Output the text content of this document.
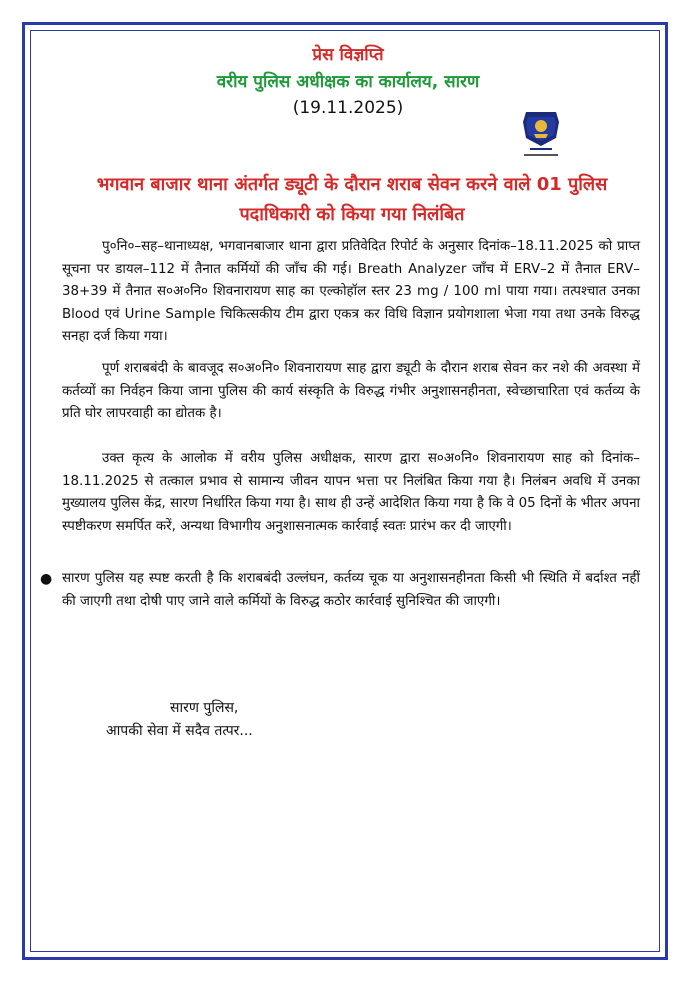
प्रेस विज्ञप्ति
वरीय पुलिस अधीक्षक का कार्यालय, सारण
(19.11.2025)
भगवान बाजार थाना अंतर्गत ड्यूटी के दौरान शराब सेवन करने वाले 01 पुलिस पदाधिकारी को किया गया निलंबित

पु०नि०–सह–थानाध्यक्ष, भगवानबाजार थाना द्वारा प्रतिवेदित रिपोर्ट के अनुसार दिनांक–18.11.2025 को प्राप्त सूचना पर डायल–112 में तैनात कर्मियों की जाँच की गई। Breath Analyzer जाँच में ERV–2 में तैनात ERV–38+39 में तैनात स०अ०नि० शिवनारायण साह का एल्कोहॉल स्तर 23 mg / 100 ml पाया गया। तत्पश्चात उनका Blood एवं Urine Sample चिकित्सकीय टीम द्वारा एकत्र कर विधि विज्ञान प्रयोगशाला भेजा गया तथा उनके विरुद्ध सनहा दर्ज किया गया।

पूर्ण शराबबंदी के बावजूद स०अ०नि० शिवनारायण साह द्वारा ड्यूटी के दौरान शराब सेवन कर नशे की अवस्था में कर्तव्यों का निर्वहन किया जाना पुलिस की कार्य संस्कृति के विरुद्ध गंभीर अनुशासनहीनता, स्वेच्छाचारिता एवं कर्तव्य के प्रति घोर लापरवाही का द्योतक है।

उक्त कृत्य के आलोक में वरीय पुलिस अधीक्षक, सारण द्वारा स०अ०नि० शिवनारायण साह को दिनांक–18.11.2025 से तत्काल प्रभाव से सामान्य जीवन यापन भत्ता पर निलंबित किया गया है। निलंबन अवधि में उनका मुख्यालय पुलिस केंद्र, सारण निर्धारित किया गया है। साथ ही उन्हें आदेशित किया गया है कि वे 05 दिनों के भीतर अपना स्पष्टीकरण समर्पित करें, अन्यथा विभागीय अनुशासनात्मक कार्रवाई स्वतः प्रारंभ कर दी जाएगी।

● सारण पुलिस यह स्पष्ट करती है कि शराबबंदी उल्लंघन, कर्तव्य चूक या अनुशासनहीनता किसी भी स्थिति में बर्दाश्त नहीं की जाएगी तथा दोषी पाए जाने वाले कर्मियों के विरुद्ध कठोर कार्रवाई सुनिश्चित की जाएगी।
सारण पुलिस,
आपकी सेवा में सदैव तत्पर...
